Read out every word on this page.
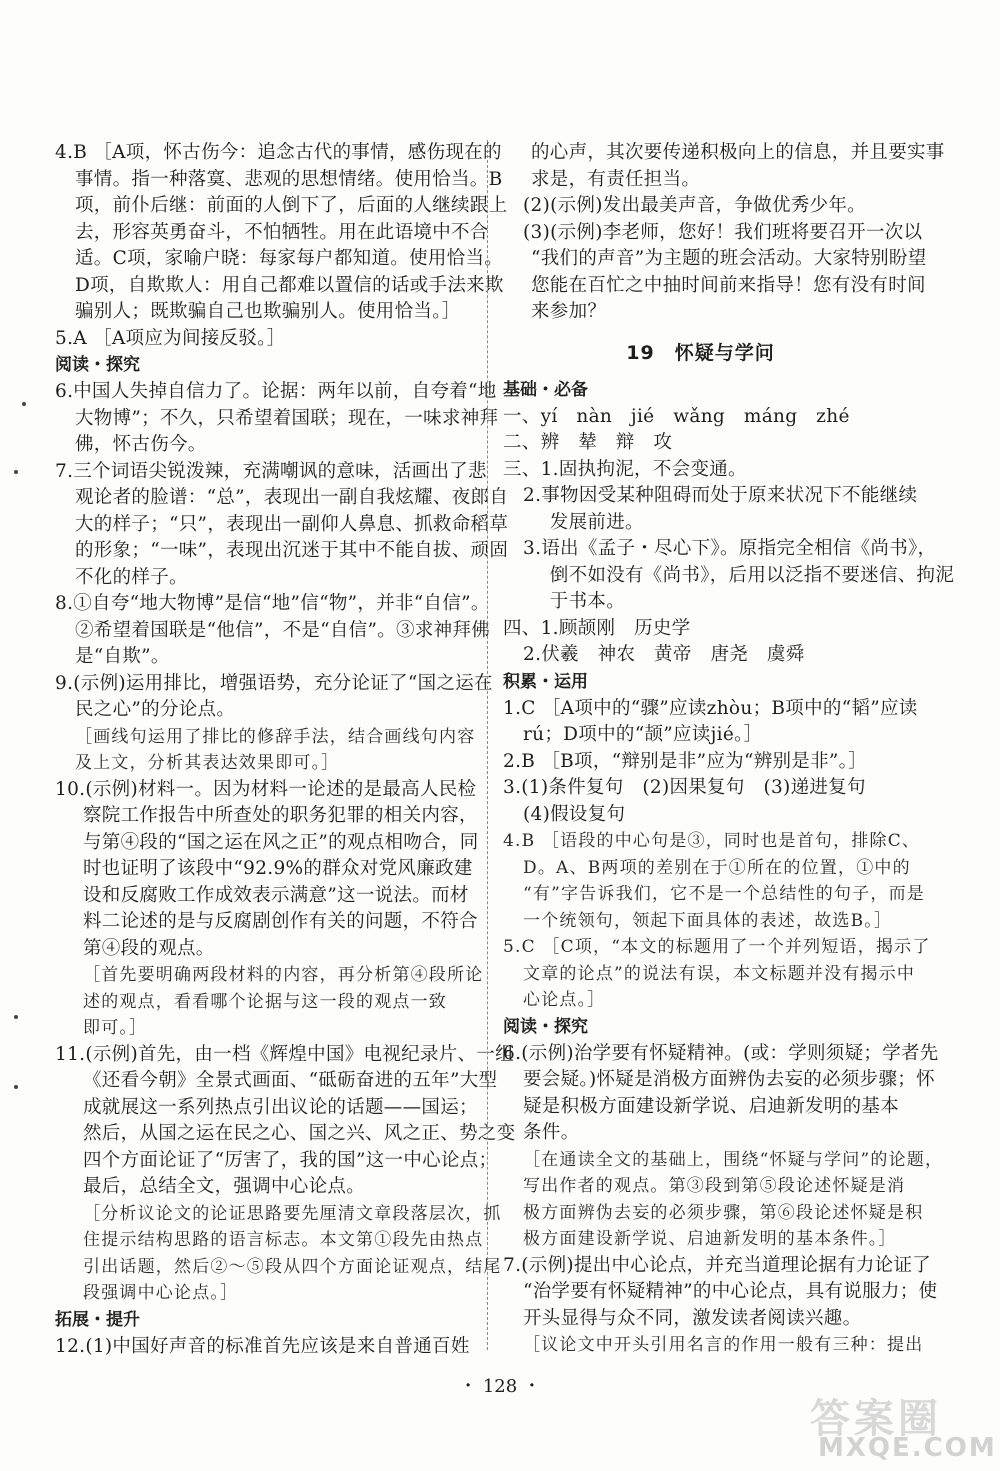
4.B ［A项，怀古伤今：追念古代的事情，感伤现在的
事情。指一种落寞、悲观的思想情绪。使用恰当。B
项，前仆后继：前面的人倒下了，后面的人继续跟上
去，形容英勇奋斗，不怕牺牲。用在此语境中不合
适。C项，家喻户晓：每家每户都知道。使用恰当。
D项，自欺欺人：用自己都难以置信的话或手法来欺
骗别人；既欺骗自己也欺骗别人。使用恰当。］
5.A ［A项应为间接反驳。］
阅读・探究
6.中国人失掉自信力了。论据：两年以前，自夸着“地
大物博”；不久，只希望着国联；现在，一味求神拜
佛，怀古伤今。
7.三个词语尖锐泼辣，充满嘲讽的意味，活画出了悲
观论者的脸谱：“总”，表现出一副自我炫耀、夜郎自
大的样子；“只”，表现出一副仰人鼻息、抓救命稻草
的形象；“一味”，表现出沉迷于其中不能自拔、顽固
不化的样子。
8.①自夸“地大物博”是信“地”信“物”，并非“自信”。
②希望着国联是“他信”，不是“自信”。③求神拜佛
是“自欺”。
9.(示例)运用排比，增强语势，充分论证了“国之运在
民之心”的分论点。
［画线句运用了排比的修辞手法，结合画线句内容
及上文，分析其表达效果即可。］
10.(示例)材料一。因为材料一论述的是最高人民检
察院工作报告中所查处的职务犯罪的相关内容，
与第④段的“国之运在风之正”的观点相吻合，同
时也证明了该段中“92.9%的群众对党风廉政建
设和反腐败工作成效表示满意”这一说法。而材
料二论述的是与反腐剧创作有关的问题，不符合
第④段的观点。
［首先要明确两段材料的内容，再分析第④段所论
述的观点，看看哪个论据与这一段的观点一致
即可。］
11.(示例)首先，由一档《辉煌中国》电视纪录片、一组
《还看今朝》全景式画面、“砥砺奋进的五年”大型
成就展这一系列热点引出议论的话题——国运；
然后，从国之运在民之心、国之兴、风之正、势之变
四个方面论证了“厉害了，我的国”这一中心论点；
最后，总结全文，强调中心论点。
［分析议论文的论证思路要先厘清文章段落层次，抓
住提示结构思路的语言标志。本文第①段先由热点
引出话题，然后②～⑤段从四个方面论证观点，结尾
段强调中心论点。］
拓展・提升
12.(1)中国好声音的标准首先应该是来自普通百姓
的心声，其次要传递积极向上的信息，并且要实事
求是，有责任担当。
(2)(示例)发出最美声音，争做优秀少年。
(3)(示例)李老师，您好！我们班将要召开一次以
“我们的声音”为主题的班会活动。大家特别盼望
您能在百忙之中抽时间前来指导！您有没有时间
来参加？
19　怀疑与学问
基础・必备
一、yí　nàn　jié　wǎng　máng　zhé
二、辨　辇　辩　攻
三、1.固执拘泥，不会变通。
2.事物因受某种阻碍而处于原来状况下不能继续
　发展前进。
3.语出《孟子・尽心下》。原指完全相信《尚书》，
　倒不如没有《尚书》，后用以泛指不要迷信、拘泥
　于书本。
四、1.顾颉刚　历史学
2.伏羲　神农　黄帝　唐尧　虞舜
积累・运用
1.C ［A项中的“骤”应读zhòu；B项中的“韬”应读
rú；D项中的“颉”应读jié。］
2.B ［B项，“辩别是非”应为“辨别是非”。］
3.(1)条件复句　(2)因果复句　(3)递进复句
(4)假设复句
4.B ［语段的中心句是③，同时也是首句，排除C、
D。A、B两项的差别在于①所在的位置，①中的
“有”字告诉我们，它不是一个总结性的句子，而是
一个统领句，领起下面具体的表述，故选B。］
5.C ［C项，“本文的标题用了一个并列短语，揭示了
文章的论点”的说法有误，本文标题并没有揭示中
心论点。］
阅读・探究
6.(示例)治学要有怀疑精神。(或：学则须疑；学者先
要会疑。)怀疑是消极方面辨伪去妄的必须步骤；怀
疑是积极方面建设新学说、启迪新发明的基本
条件。
［在通读全文的基础上，围绕“怀疑与学问”的论题，
写出作者的观点。第③段到第⑤段论述怀疑是消
极方面辨伪去妄的必须步骤，第⑥段论述怀疑是积
极方面建设新学说、启迪新发明的基本条件。］
7.(示例)提出中心论点，并充当道理论据有力论证了
“治学要有怀疑精神”的中心论点，具有说服力；使
开头显得与众不同，激发读者阅读兴趣。
［议论文中开头引用名言的作用一般有三种：提出
・ 128 ・
答案圈
MXQE.COM
